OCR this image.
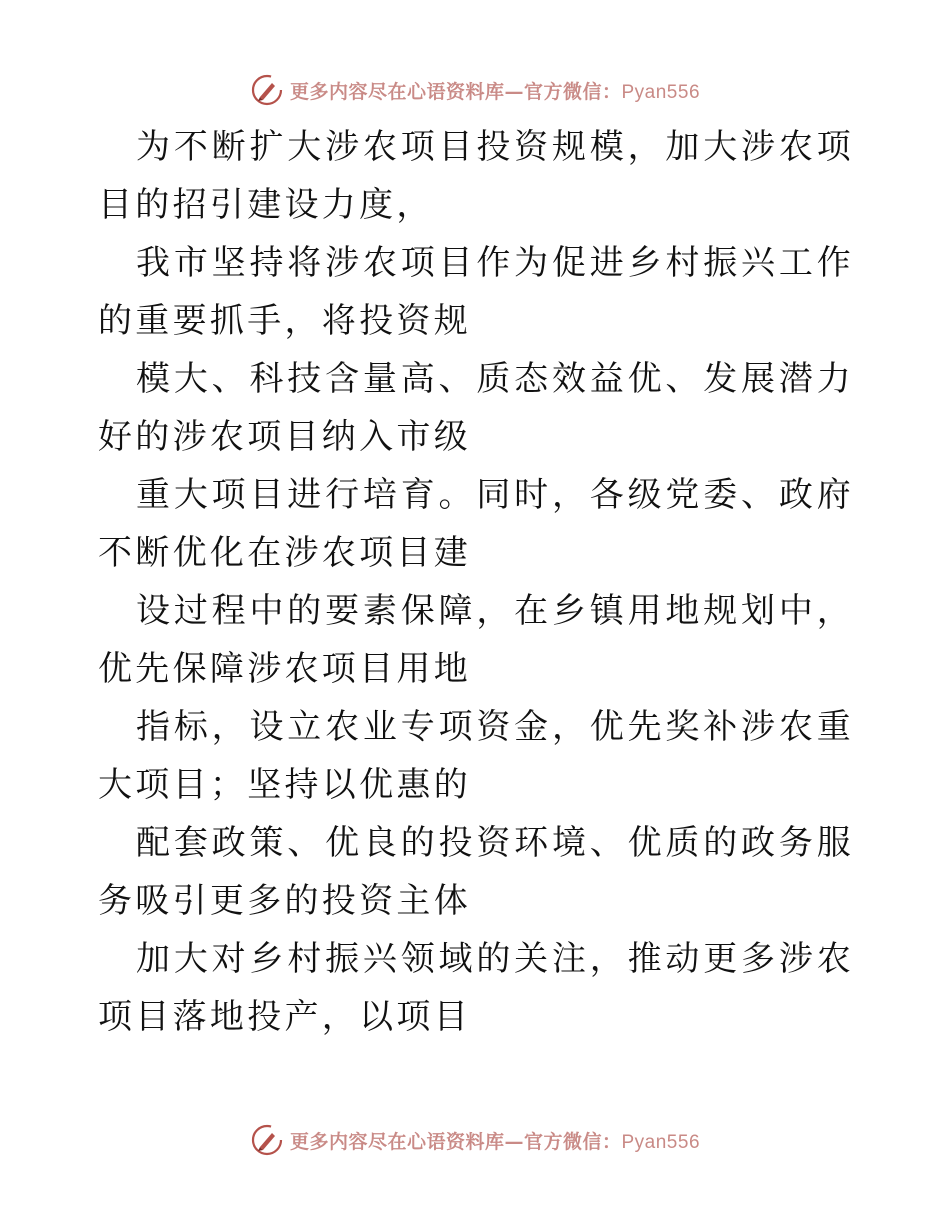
更多内容尽在心语资料库—官方微信：Pyan556

为不断扩大涉农项目投资规模，加大涉农项目的招引建设力度，

我市坚持将涉农项目作为促进乡村振兴工作的重要抓手，将投资规

模大、科技含量高、质态效益优、发展潜力好的涉农项目纳入市级

重大项目进行培育。同时，各级党委、政府不断优化在涉农项目建

设过程中的要素保障，在乡镇用地规划中，优先保障涉农项目用地

指标，设立农业专项资金，优先奖补涉农重大项目；坚持以优惠的

配套政策、优良的投资环境、优质的政务服务吸引更多的投资主体

加大对乡村振兴领域的关注，推动更多涉农项目落地投产，以项目

更多内容尽在心语资料库—官方微信：Pyan556
